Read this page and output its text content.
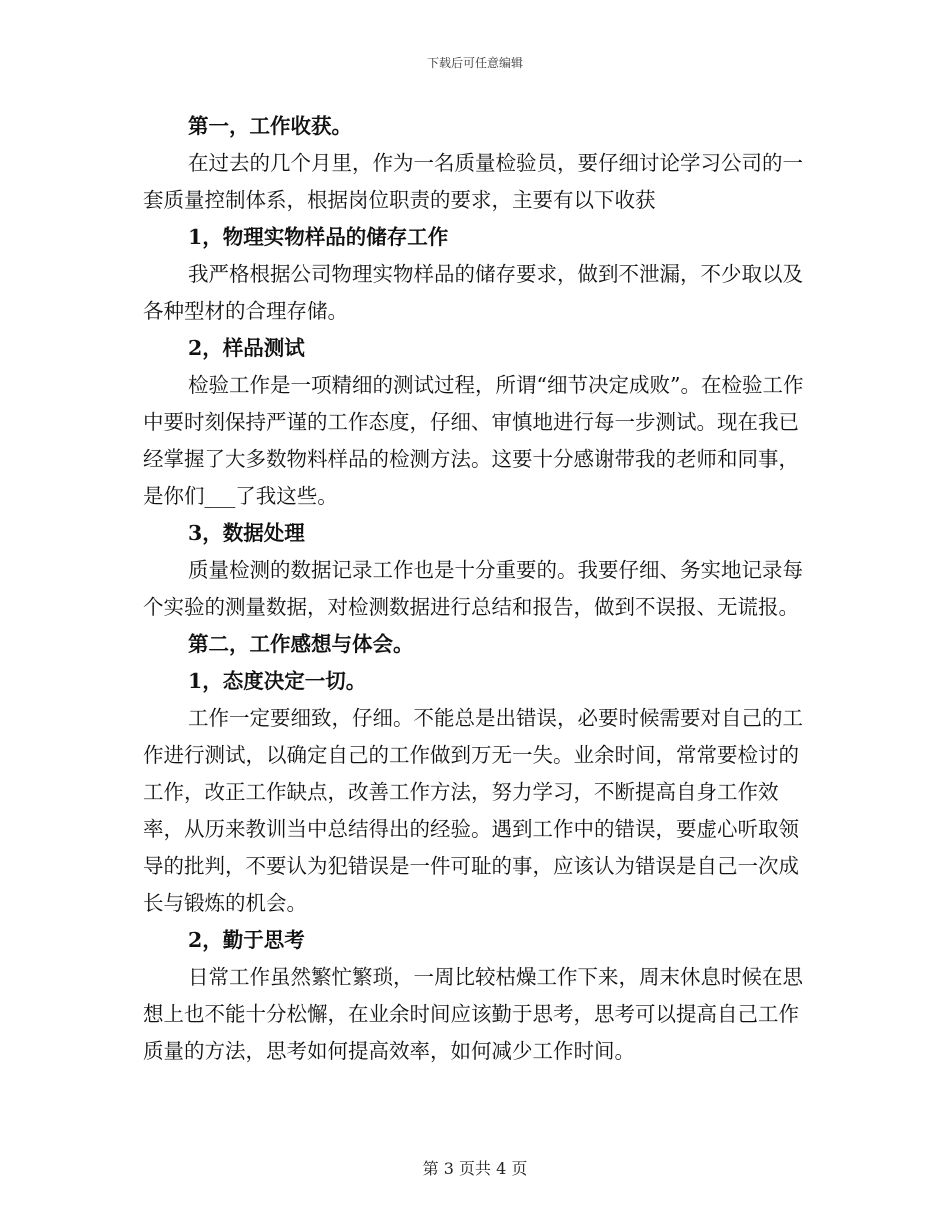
下载后可任意编辑

第一，工作收获。

在过去的几个月里，作为一名质量检验员，要仔细讨论学习公司的一套质量控制体系，根据岗位职责的要求，主要有以下收获

1，物理实物样品的储存工作

我严格根据公司物理实物样品的储存要求，做到不泄漏，不少取以及各种型材的合理存储。

2，样品测试

检验工作是一项精细的测试过程，所谓“细节决定成败”。在检验工作中要时刻保持严谨的工作态度，仔细、审慎地进行每一步测试。现在我已经掌握了大多数物料样品的检测方法。这要十分感谢带我的老师和同事，是你们___了我这些。

3，数据处理

质量检测的数据记录工作也是十分重要的。我要仔细、务实地记录每个实验的测量数据，对检测数据进行总结和报告，做到不误报、无谎报。

第二，工作感想与体会。

1，态度决定一切。

工作一定要细致，仔细。不能总是出错误，必要时候需要对自己的工作进行测试，以确定自己的工作做到万无一失。业余时间，常常要检讨的工作，改正工作缺点，改善工作方法，努力学习，不断提高自身工作效率，从历来教训当中总结得出的经验。遇到工作中的错误，要虚心听取领导的批判，不要认为犯错误是一件可耻的事，应该认为错误是自己一次成长与锻炼的机会。

2，勤于思考

日常工作虽然繁忙繁琐，一周比较枯燥工作下来，周末休息时候在思想上也不能十分松懈，在业余时间应该勤于思考，思考可以提高自己工作质量的方法，思考如何提高效率，如何减少工作时间。

第 3 页共 4 页
